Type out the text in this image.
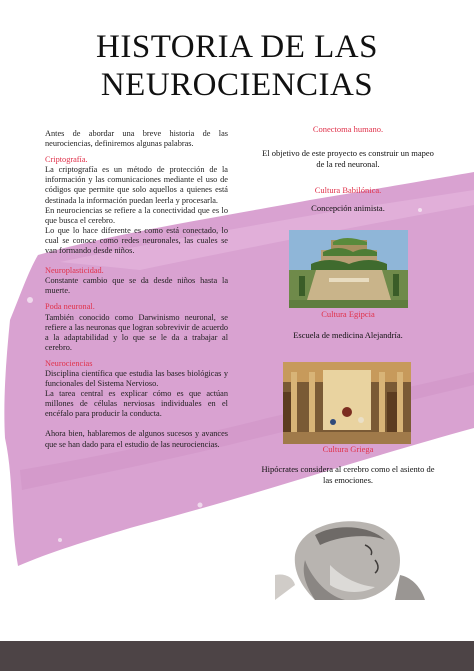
HISTORIA DE LAS
NEUROCIENCIAS

Antes de abordar una breve historia de las neurociencias, definiremos algunas palabras.

Criptografía.

La criptografía es un método de protección de la información y las comunicaciones mediante el uso de códigos que permite que solo aquellos a quienes está destinada la información puedan leerla y procesarla.

En neurociencias se refiere a la conectividad que es lo que busca el cerebro.

Lo que lo hace diferente es como está conectado, lo cual se conoce como redes neuronales, las cuales se van formando desde niños.

Neuroplasticidad.

Constante cambio que se da desde niños hasta la muerte.

Poda neuronal.

También conocido como Darwinismo neuronal, se refiere a las neuronas que logran sobrevivir de acuerdo a la adaptabilidad y lo que se le da a trabajar al cerebro.

Neurociencias

Disciplina científica que estudia las bases biológicas y funcionales del Sistema Nervioso.

La tarea central es explicar cómo es que actúan millones de células nerviosas individuales en el encéfalo para producir la conducta.

Ahora bien, hablaremos de algunos sucesos y avances que se han dado para el estudio de las neurociencias.

Conectoma humano.

El objetivo de este proyecto es construir un mapeo de la red neuronal.

Cultura Babilónica.

Concepción animista.

Cultura Egipcia

Escuela de medicina Alejandría.

Cultura Griega

Hipócrates considera al cerebro como el asiento de las emociones.
